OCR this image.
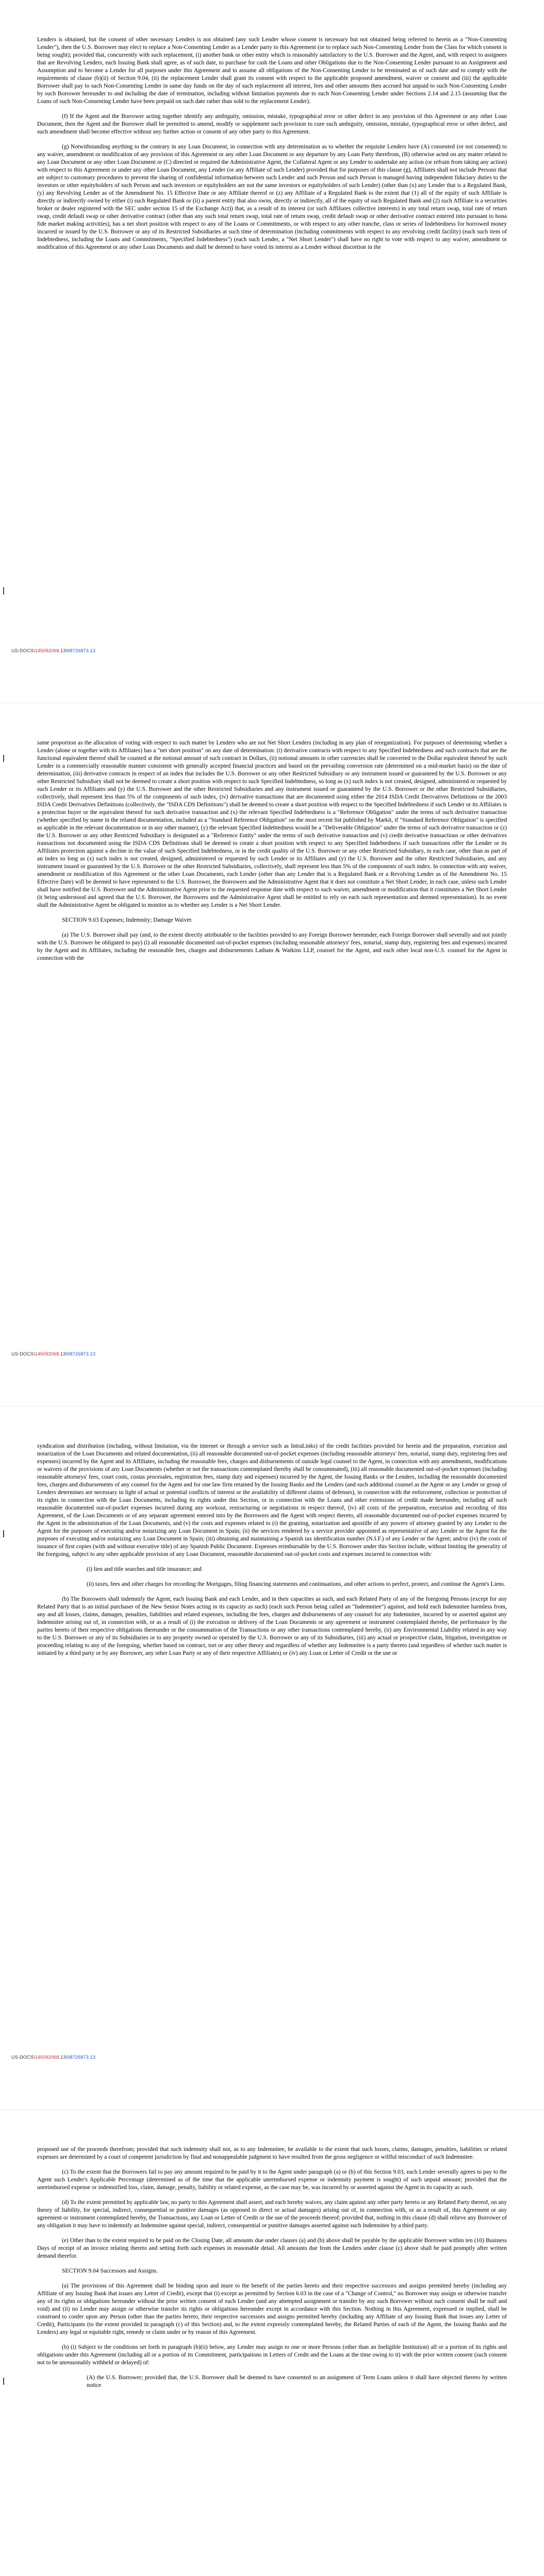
Lenders is obtained, but the consent of other necessary Lenders is not obtained (any such Lender whose consent is necessary but not obtained being referred to herein as a "Non-Consenting Lender"), then the U.S. Borrower may elect to replace a Non-Consenting Lender as a Lender party to this Agreement (or to replace such Non-Consenting Lender from the Class for which consent is being sought); provided that, concurrently with such replacement, (i) another bank or other entity which is reasonably satisfactory to the U.S. Borrower and the Agent, and, with respect to assignees that are Revolving Lenders, each Issuing Bank shall agree, as of such date, to purchase for cash the Loans and other Obligations due to the Non-Consenting Lender pursuant to an Assignment and Assumption and to become a Lender for all purposes under this Agreement and to assume all obligations of the Non-Consenting Lender to be terminated as of such date and to comply with the requirements of clause (b)(ii) of Section 9.04, (ii) the replacement Lender shall grant its consent with respect to the applicable proposed amendment, waiver or consent and (iii) the applicable Borrower shall pay to such Non-Consenting Lender in same day funds on the day of such replacement all interest, fees and other amounts then accrued but unpaid to such Non-Consenting Lender by such Borrower hereunder to and including the date of termination, including without limitation payments due to such Non-Consenting Lender under Sections 2.14 and 2.15 (assuming that the Loans of such Non-Consenting Lender have been prepaid on such date rather than sold to the replacement Lender).

(f) If the Agent and the Borrower acting together identify any ambiguity, omission, mistake, typographical error or other defect in any provision of this Agreement or any other Loan Document, then the Agent and the Borrower shall be permitted to amend, modify or supplement such provision to cure such ambiguity, omission, mistake, typographical error or other defect, and such amendment shall become effective without any further action or consent of any other party to this Agreement.

(g) Notwithstanding anything to the contrary in any Loan Document, in connection with any determination as to whether the requisite Lenders have (A) consented (or not consented) to any waiver, amendment or modification of any provision of this Agreement or any other Loan Document or any departure by any Loan Party therefrom, (B) otherwise acted on any matter related to any Loan Document or any other Loan Document or (C) directed or required the Administrative Agent, the Collateral Agent or any Lender to undertake any action (or refrain from taking any action) with respect to this Agreement or under any other Loan Document, any Lender (or any Affiliate of such Lender) provided that for purposes of this clause (g), Affiliates shall not include Persons that are subject to customary procedures to prevent the sharing of confidential information between such Lender and such Person and such Person is managed having independent fiduciary duties to the investors or other equityholders of such Person and such investors or equityholders are not the same investors or equityholders of such Lender) (other than (x) any Lender that is a Regulated Bank, (y) any Revolving Lender as of the Amendment No. 15 Effective Date or any Affiliate thereof or (z) any Affiliate of a Regulated Bank to the extent that (1) all of the equity of such Affiliate is directly or indirectly owned by either (i) such Regulated Bank or (ii) a parent entity that also owns, directly or indirectly, all of the equity of such Regulated Bank and (2) such Affiliate is a securities broker or dealer registered with the SEC under section 15 of the Exchange Act)) that, as a result of its interest (or such Affiliates collective interests) in any total return swap, total rate of return swap, credit default swap or other derivative contract (other than any such total return swap, total rate of return swap, credit default swap or other derivative contract entered into pursuant to bona fide market making activities), has a net short position with respect to any of the Loans or Commitments, or with respect to any other tranche, class or series of Indebtedness for borrowed money incurred or issued by the U.S. Borrower or any of its Restricted Subsidiaries at such time of determination (including commitments with respect to any revolving credit facility) (each such item of Indebtedness, including the Loans and Commitments, "Specified Indebtedness") (each such Lender, a "Net Short Lender") shall have no right to vote with respect to any waiver, amendment or modification of this Agreement or any other Loan Documents and shall be deemed to have voted its interest as a Lender without discretion in the

US-DOCS\145092068.13\98726873.13

same proportion as the allocation of voting with respect to such matter by Lenders who are not Net Short Lenders (including in any plan of reorganization). For purposes of determining whether a Lender (alone or together with its Affiliates) has a "net short position" on any date of determination: (i) derivative contracts with respect to any Specified Indebtedness and such contracts that are the functional equivalent thereof shall be counted at the notional amount of such contract in Dollars, (ii) notional amounts in other currencies shall be converted to the Dollar equivalent thereof by such Lender in a commercially reasonable manner consistent with generally accepted financial practices and based on the prevailing conversion rate (determined on a mid-market basis) on the date of determination, (iii) derivative contracts in respect of an index that includes the U.S. Borrower or any other Restricted Subsidiary or any instrument issued or guaranteed by the U.S. Borrower or any other Restricted Subsidiary shall not be deemed to create a short position with respect to such Specified Indebtedness, so long as (x) such index is not created, designed, administered or requested by such Lender or its Affiliates and (y) the U.S. Borrower and the other Restricted Subsidiaries and any instrument issued or guaranteed by the U.S. Borrower or the other Restricted Subsidiaries, collectively, shall represent less than 5% of the components of such index, (iv) derivative transactions that are documented using either the 2014 ISDA Credit Derivatives Definitions or the 2003 ISDA Credit Derivatives Definitions (collectively, the "ISDA CDS Definitions") shall be deemed to create a short position with respect to the Specified Indebtedness if such Lender or its Affiliates is a protection buyer or the equivalent thereof for such derivative transaction and (x) the relevant Specified Indebtedness is a "Reference Obligation" under the terms of such derivative transaction (whether specified by name in the related documentation, included as a "Standard Reference Obligation" on the most recent list published by Markit, if "Standard Reference Obligation" is specified as applicable in the relevant documentation or in any other manner), (y) the relevant Specified Indebtedness would be a "Deliverable Obligation" under the terms of such derivative transaction or (z) the U.S. Borrower or any other Restricted Subsidiary is designated as a "Reference Entity" under the terms of such derivative transaction and (v) credit derivative transactions or other derivatives transactions not documented using the ISDA CDS Definitions shall be deemed to create a short position with respect to any Specified Indebtedness if such transactions offer the Lender or its Affiliates protection against a decline in the value of such Specified Indebtedness, or in the credit quality of the U.S. Borrower or any other Restricted Subsidiary, in each case, other than as part of an index so long as (x) such index is not created, designed, administered or requested by such Lender or its Affiliates and (y) the U.S. Borrower and the other Restricted Subsidiaries, and any instrument issued or guaranteed by the U.S. Borrower or the other Restricted Subsidiaries, collectively, shall represent less than 5% of the components of such index. In connection with any waiver, amendment or modification of this Agreement or the other Loan Documents, each Lender (other than any Lender that is a Regulated Bank or a Revolving Lender as of the Amendment No. 15 Effective Date) will be deemed to have represented to the U.S. Borrower, the Borrowers and the Administrative Agent that it does not constitute a Net Short Lender, in each case, unless such Lender shall have notified the U.S. Borrower and the Administrative Agent prior to the requested response date with respect to such waiver, amendment or modification that it constitutes a Net Short Lender (it being understood and agreed that the U.S. Borrower, the Borrowers and the Administrative Agent shall be entitled to rely on each such representation and deemed representation). In no event shall the Administrative Agent be obligated to monitor as to whether any Lender is a Net Short Lender.

SECTION 9.03 Expenses; Indemnity; Damage Waiver.

(a) The U.S. Borrower shall pay (and, to the extent directly attributable to the facilities provided to any Foreign Borrower hereunder, each Foreign Borrower shall severally and not jointly with the U.S. Borrower be obligated to pay) (i) all reasonable documented out-of-pocket expenses (including reasonable attorneys' fees, notarial, stamp duty, registering fees and expenses) incurred by the Agent and its Affiliates, including the reasonable fees, charges and disbursements Latham & Watkins LLP, counsel for the Agent, and each other local non-U.S. counsel for the Agent in connection with the

US-DOCS\145092068.13\98726873.13

syndication and distribution (including, without limitation, via the internet or through a service such as IntraLinks) of the credit facilities provided for herein and the preparation, execution and notarization of the Loan Documents and related documentation, (ii) all reasonable documented out-of-pocket expenses (including reasonable attorneys' fees, notarial, stamp duty, registering fees and expenses) incurred by the Agent and its Affiliates, including the reasonable fees, charges and disbursements of outside legal counsel to the Agent, in connection with any amendments, modifications or waivers of the provisions of any Loan Documents (whether or not the transactions contemplated thereby shall be consummated), (iii) all reasonable documented out-of-pocket expenses (including reasonable attorneys' fees, court costs, costas procesales, registration fees, stamp duty and expenses) incurred by the Agent, the Issuing Banks or the Lenders, including the reasonable documented fees, charges and disbursements of any counsel for the Agent and for one law firm retained by the Issuing Banks and the Lenders (and such additional counsel as the Agent or any Lender or group of Lenders determines are necessary in light of actual or potential conflicts of interest or the availability of different claims of defenses), in connection with the enforcement, collection or protection of its rights in connection with the Loan Documents, including its rights under this Section, or in connection with the Loans and other extensions of credit made hereunder, including all such reasonable documented out-of-pocket expenses incurred during any workout, restructuring or negotiations in respect thereof, (iv) all costs of the preparation, execution and recording of this Agreement, of the Loan Documents or of any separate agreement entered into by the Borrowers and the Agent with respect thereto, all reasonable documented out-of-pocket expenses incurred by the Agent in the administration of the Loan Documents, and (v) the costs and expenses related to (i) the granting, notarization and apostille of any powers of attorney granted by any Lender to the Agent for the purposes of executing and/or notarizing any Loan Document in Spain; (ii) the services rendered by a service provider appointed as representative of any Lender or the Agent for the purposes of executing and/or notarizing any Loan Document in Spain; (iii) obtaining and maintaining a Spanish tax identification number (N.I.F.) of any Lender or the Agent; and/or (iv) the costs of issuance of first copies (with and without executive title) of any Spanish Public Document. Expenses reimbursable by the U.S. Borrower under this Section include, without limiting the generality of the foregoing, subject to any other applicable provision of any Loan Document, reasonable documented out-of-pocket costs and expenses incurred in connection with:

(i) lien and title searches and title insurance; and

(ii) taxes, fees and other charges for recording the Mortgages, filing financing statements and continuations, and other actions to perfect, protect, and continue the Agent's Liens.

(b) The Borrowers shall indemnify the Agent, each Issuing Bank and each Lender, and in their capacities as such, and each Related Party of any of the foregoing Persons (except for any Related Party that is an initial purchaser of the New Senior Notes acting in its capacity as such) (each such Person being called an "Indemnitee") against, and hold each Indemnitee harmless from, any and all losses, claims, damages, penalties, liabilities and related expenses, including the fees, charges and disbursements of any counsel for any Indemnitee, incurred by or asserted against any Indemnitee arising out of, in connection with, or as a result of (i) the execution or delivery of the Loan Documents or any agreement or instrument contemplated thereby, the performance by the parties hereto of their respective obligations thereunder or the consummation of the Transactions or any other transactions contemplated hereby, (ii) any Environmental Liability related in any way to the U.S. Borrower or any of its Subsidiaries or to any property owned or operated by the U.S. Borrower or any of its Subsidiaries, (iii) any actual or prospective claim, litigation, investigation or proceeding relating to any of the foregoing, whether based on contract, tort or any other theory and regardless of whether any Indemnitee is a party thereto (and regardless of whether such matter is initiated by a third party or by any Borrower, any other Loan Party or any of their respective Affiliates) or (iv) any Loan or Letter of Credit or the use or

US-DOCS\145092068.13\98726873.13

proposed use of the proceeds therefrom; provided that such indemnity shall not, as to any Indemnitee, be available to the extent that such losses, claims, damages, penalties, liabilities or related expenses are determined by a court of competent jurisdiction by final and nonappealable judgment to have resulted from the gross negligence or willful misconduct of such Indemnitee.

(c) To the extent that the Borrowers fail to pay any amount required to be paid by it to the Agent under paragraph (a) or (b) of this Section 9.03, each Lender severally agrees to pay to the Agent such Lender's Applicable Percentage (determined as of the time that the applicable unreimbursed expense or indemnity payment is sought) of such unpaid amount; provided that the unreimbursed expense or indemnified loss, claim, damage, penalty, liability or related expense, as the case may be, was incurred by or asserted against the Agent in its capacity as such.

(d) To the extent permitted by applicable law, no party to this Agreement shall assert, and each hereby waives, any claim against any other party hereto or any Related Party thereof, on any theory of liability, for special, indirect, consequential or punitive damages (as opposed to direct or actual damages) arising out of, in connection with, or as a result of, this Agreement or any agreement or instrument contemplated hereby, the Transactions, any Loan or Letter of Credit or the use of the proceeds thereof; provided that, nothing in this clause (d) shall relieve any Borrower of any obligation it may have to indemnify an Indemnitee against special, indirect, consequential or punitive damages asserted against such Indemnitee by a third party.

(e) Other than to the extent required to be paid on the Closing Date, all amounts due under clauses (a) and (b) above shall be payable by the applicable Borrower within ten (10) Business Days of receipt of an invoice relating thereto and setting forth such expenses in reasonable detail. All amounts due from the Lenders under clause (c) above shall be paid promptly after written demand therefor.

SECTION 9.04 Successors and Assigns.

(a) The provisions of this Agreement shall be binding upon and inure to the benefit of the parties hereto and their respective successors and assigns permitted hereby (including any Affiliate of any Issuing Bank that issues any Letter of Credit), except that (i) except as permitted by Section 6.03 in the case of a "Change of Control," no Borrower may assign or otherwise transfer any of its rights or obligations hereunder without the prior written consent of each Lender (and any attempted assignment or transfer by any such Borrower without such consent shall be null and void) and (ii) no Lender may assign or otherwise transfer its rights or obligations hereunder except in accordance with this Section. Nothing in this Agreement, expressed or implied, shall be construed to confer upon any Person (other than the parties hereto, their respective successors and assigns permitted hereby (including any Affiliate of any Issuing Bank that issues any Letter of Credit), Participants (to the extent provided in paragraph (c) of this Section) and, to the extent expressly contemplated hereby, the Related Parties of each of the Agent, the Issuing Banks and the Lenders) any legal or equitable right, remedy or claim under or by reason of this Agreement.

(b) (i) Subject to the conditions set forth in paragraph (b)(ii) below, any Lender may assign to one or more Persons (other than an Ineligible Institution) all or a portion of its rights and obligations under this Agreement (including all or a portion of its Commitment, participations in Letters of Credit and the Loans at the time owing to it) with the prior written consent (such consent not to be unreasonably withheld or delayed) of:

(A) the U.S. Borrower; provided that, the U.S. Borrower shall be deemed to have consented to an assignment of Term Loans unless it shall have objected thereto by written notice
